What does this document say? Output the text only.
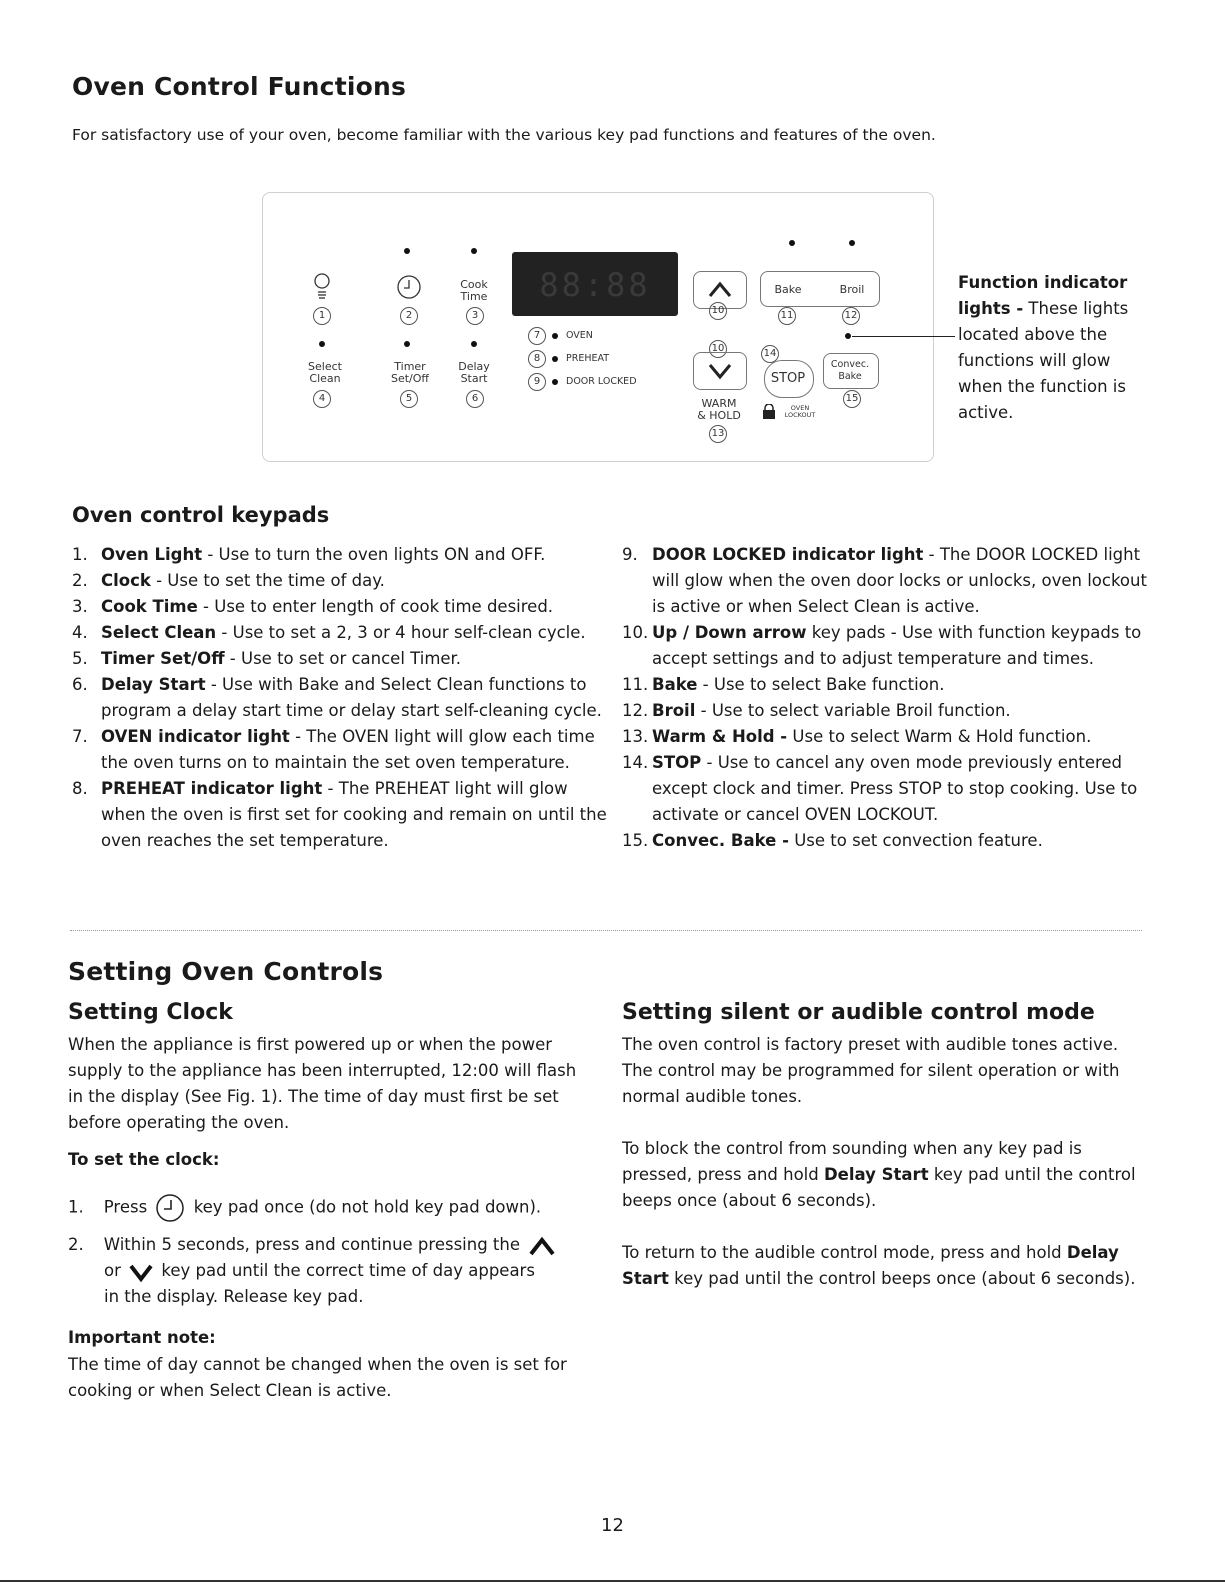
Oven Control Functions
For satisfactory use of your oven, become familiar with the various key pad functions and features of the oven.
Cook
Time
1	2	3
Select
Clean
Timer
Set/Off
Delay
Start
4	5	6
88:88
7	OVEN
8	PREHEAT
9	DOOR LOCKED
10
Bake	Broil
11	12
10	14
STOP
Convec.
Bake
15
WARM
& HOLD
13
OVEN
LOCKOUT
Function indicator lights - These lights located above the functions will glow when the function is active.
Oven control keypads
1. Oven Light - Use to turn the oven lights ON and OFF.
2. Clock - Use to set the time of day.
3. Cook Time - Use to enter length of cook time desired.
4. Select Clean - Use to set a 2, 3 or 4 hour self-clean cycle.
5. Timer Set/Off - Use to set or cancel Timer.
6. Delay Start - Use with Bake and Select Clean functions to program a delay start time or delay start self-cleaning cycle.
7. OVEN indicator light - The OVEN light will glow each time the oven turns on to maintain the set oven temperature.
8. PREHEAT indicator light - The PREHEAT light will glow when the oven is first set for cooking and remain on until the oven reaches the set temperature.
9. DOOR LOCKED indicator light - The DOOR LOCKED light will glow when the oven door locks or unlocks, oven lockout is active or when Select Clean is active.
10. Up / Down arrow key pads - Use with function keypads to accept settings and to adjust temperature and times.
11. Bake - Use to select Bake function.
12. Broil - Use to select variable Broil function.
13. Warm & Hold - Use to select Warm & Hold function.
14. STOP - Use to cancel any oven mode previously entered except clock and timer. Press STOP to stop cooking. Use to activate or cancel OVEN LOCKOUT.
15. Convec. Bake - Use to set convection feature.
Setting Oven Controls
Setting Clock
When the appliance is first powered up or when the power supply to the appliance has been interrupted, 12:00 will flash in the display (See Fig. 1). The time of day must first be set before operating the oven.
To set the clock:
1. Press	key pad once (do not hold key pad down).
2. Within 5 seconds, press and continue pressing the
or key pad until the correct time of day appears
in the display. Release key pad.
Important note:
The time of day cannot be changed when the oven is set for cooking or when Select Clean is active.
Setting silent or audible control mode
The oven control is factory preset with audible tones active. The control may be programmed for silent operation or with normal audible tones.
To block the control from sounding when any key pad is pressed, press and hold Delay Start key pad until the control beeps once (about 6 seconds).
To return to the audible control mode, press and hold Delay Start key pad until the control beeps once (about 6 seconds).
12
